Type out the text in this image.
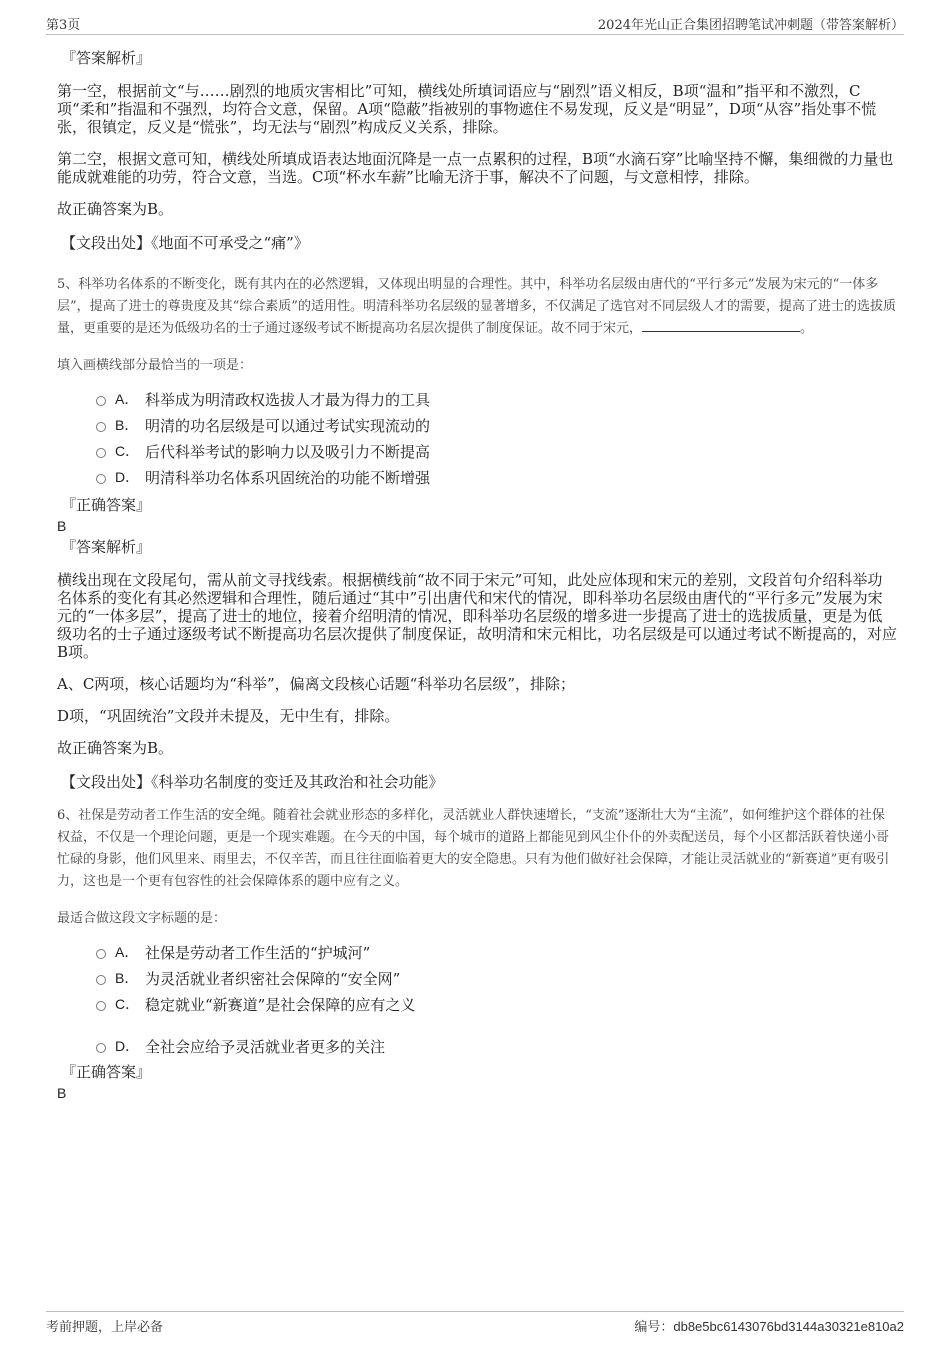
第3页	2024年光山正合集团招聘笔试冲刺题（带答案解析）
『答案解析』

第一空，根据前文“与……剧烈的地质灾害相比”可知，横线处所填词语应与“剧烈”语义相反，B项“温和”指平和不激烈，C项“柔和”指温和不强烈，均符合文意，保留。A项“隐蔽”指被别的事物遮住不易发现，反义是“明显”，D项“从容”指处事不慌张，很镇定，反义是“慌张”，均无法与“剧烈”构成反义关系，排除。

第二空，根据文意可知，横线处所填成语表达地面沉降是一点一点累积的过程，B项“水滴石穿”比喻坚持不懈，集细微的力量也能成就难能的功劳，符合文意，当选。C项“杯水车薪”比喻无济于事，解决不了问题，与文意相悖，排除。

故正确答案为B。

【文段出处】《地面不可承受之“痛”》

5、科举功名体系的不断变化，既有其内在的必然逻辑，又体现出明显的合理性。其中，科举功名层级由唐代的“平行多元”发展为宋元的“一体多层”，提高了进士的尊贵度及其“综合素质”的适用性。明清科举功名层级的显著增多，不仅满足了选官对不同层级人才的需要，提高了进士的选拔质量，更重要的是还为低级功名的士子通过逐级考试不断提高功名层次提供了制度保证。故不同于宋元，	。

填入画横线部分最恰当的一项是：

A． 科举成为明清政权选拔人才最为得力的工具
B． 明清的功名层级是可以通过考试实现流动的
C． 后代科举考试的影响力以及吸引力不断提高
D． 明清科举功名体系巩固统治的功能不断增强
『正确答案』
B
『答案解析』

横线出现在文段尾句，需从前文寻找线索。根据横线前“故不同于宋元”可知，此处应体现和宋元的差别，文段首句介绍科举功名体系的变化有其必然逻辑和合理性，随后通过“其中”引出唐代和宋代的情况，即科举功名层级由唐代的“平行多元”发展为宋元的“一体多层”，提高了进士的地位，接着介绍明清的情况，即科举功名层级的增多进一步提高了进士的选拔质量，更是为低级功名的士子通过逐级考试不断提高功名层次提供了制度保证，故明清和宋元相比，功名层级是可以通过考试不断提高的，对应B项。

A、C两项，核心话题均为“科举”，偏离文段核心话题“科举功名层级”，排除；

D项，“巩固统治”文段并未提及，无中生有，排除。

故正确答案为B。

【文段出处】《科举功名制度的变迁及其政治和社会功能》

6、社保是劳动者工作生活的安全绳。随着社会就业形态的多样化，灵活就业人群快速增长，“支流”逐渐壮大为“主流”，如何维护这个群体的社保权益，不仅是一个理论问题，更是一个现实难题。在今天的中国，每个城市的道路上都能见到风尘仆仆的外卖配送员，每个小区都活跃着快递小哥忙碌的身影，他们风里来、雨里去，不仅辛苦，而且往往面临着更大的安全隐患。只有为他们做好社会保障，才能让灵活就业的“新赛道”更有吸引力，这也是一个更有包容性的社会保障体系的题中应有之义。

最适合做这段文字标题的是：

A． 社保是劳动者工作生活的“护城河”
B． 为灵活就业者织密社会保障的“安全网”
C． 稳定就业“新赛道”是社会保障的应有之义
D． 全社会应给予灵活就业者更多的关注
『正确答案』
B
考前押题，上岸必备	编号：db8e5bc6143076bd3144a30321e810a2
